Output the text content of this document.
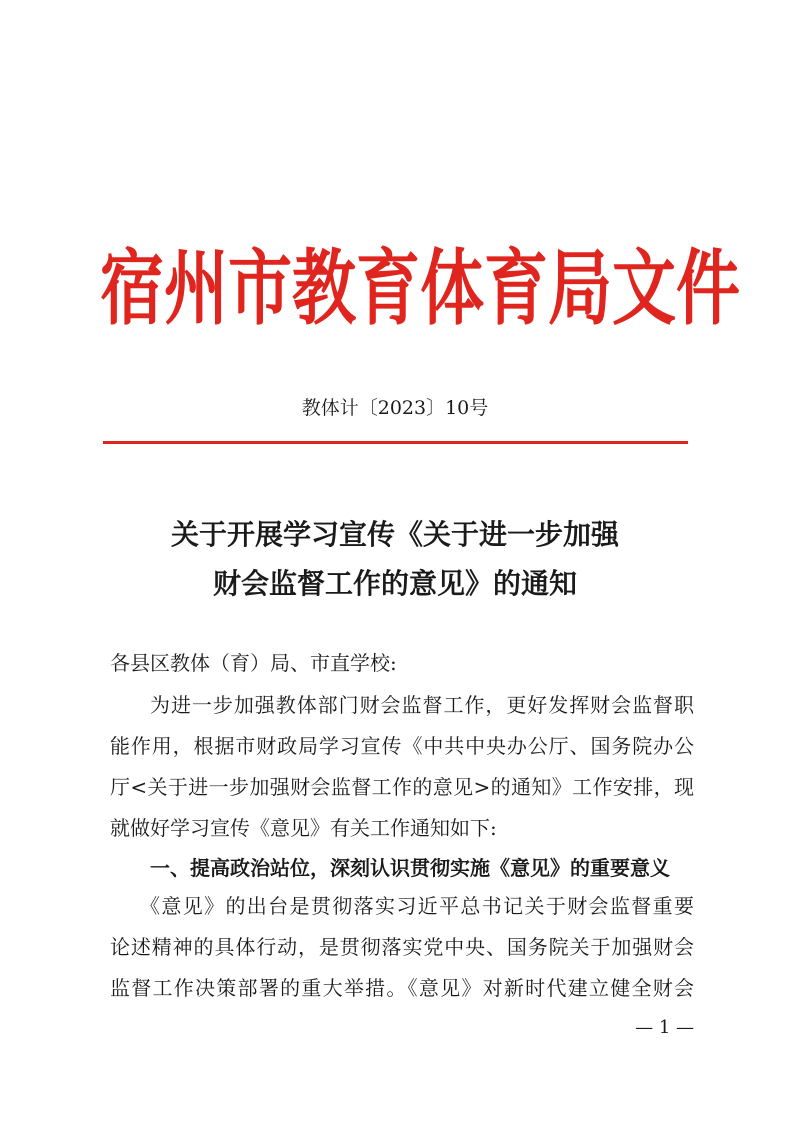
宿州市教育体育局文件
教体计〔2023〕10号
关于开展学习宣传《关于进一步加强
财会监督工作的意见》的通知
各县区教体（育）局、市直学校:
为进一步加强教体部门财会监督工作，更好发挥财会监督职
能作用，根据市财政局学习宣传《中共中央办公厅、国务院办公
厅<关于进一步加强财会监督工作的意见>的通知》工作安排，现
就做好学习宣传《意见》有关工作通知如下:
一、提高政治站位，深刻认识贯彻实施《意见》的重要意义
《意见》的出台是贯彻落实习近平总书记关于财会监督重要
论述精神的具体行动，是贯彻落实党中央、国务院关于加强财会
监督工作决策部署的重大举措。《意见》对新时代建立健全财会
— 1 —
